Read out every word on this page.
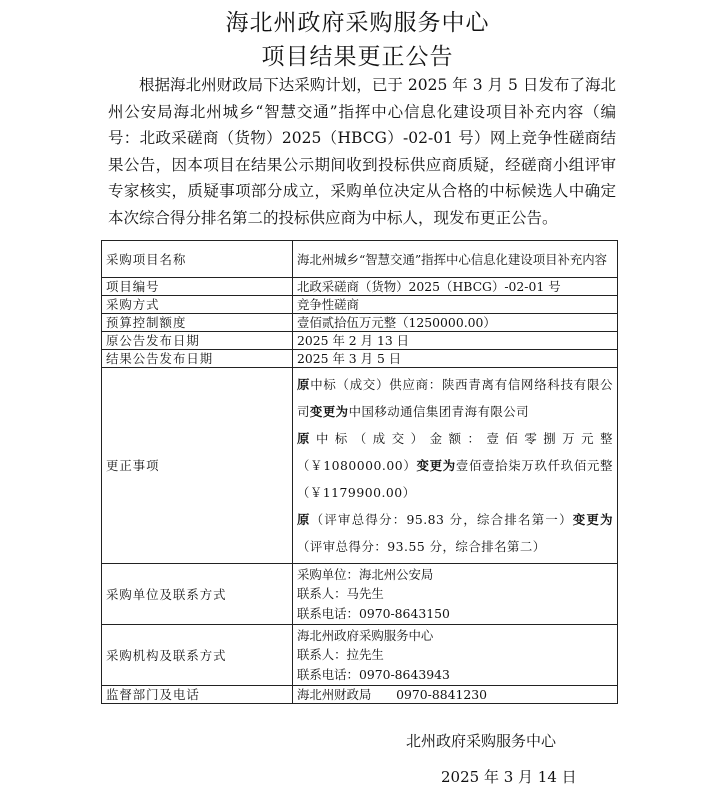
海北州政府采购服务中心
项目结果更正公告

根据海北州财政局下达采购计划，已于 2025 年 3 月 5 日发布了海北州公安局海北州城乡“智慧交通”指挥中心信息化建设项目补充内容（编号：北政采磋商（货物）2025（HBCG）-02-01 号）网上竞争性磋商结果公告，因本项目在结果公示期间收到投标供应商质疑，经磋商小组评审专家核实，质疑事项部分成立，采购单位决定从合格的中标候选人中确定本次综合得分排名第二的投标供应商为中标人，现发布更正公告。

采购项目名称	海北州城乡“智慧交通”指挥中心信息化建设项目补充内容
项目编号	北政采磋商（货物）2025（HBCG）-02-01 号
采购方式	竞争性磋商
预算控制额度	壹佰贰拾伍万元整（1250000.00）
原公告发布日期	2025 年 2 月 13 日
结果公告发布日期	2025 年 3 月 5 日
更正事项	原中标（成交）供应商：陕西青离有信网络科技有限公司变更为中国移动通信集团青海有限公司

原中标（成交）金额：壹佰零捌万元整（￥1080000.00）变更为壹佰壹拾柒万玖仟玖佰元整（￥1179900.00）

原（评审总得分：95.83 分，综合排名第一）变更为（评审总得分：93.55 分，综合排名第二）

采购单位及联系方式	采购单位：海北州公安局
联系人：马先生
联系电话：0970-8643150

采购机构及联系方式	海北州政府采购服务中心
联系人：拉先生
联系电话：0970-8643943

监督部门及电话	海北州财政局　　0970-8841230
北州政府采购服务中心
2025 年 3 月 14 日
